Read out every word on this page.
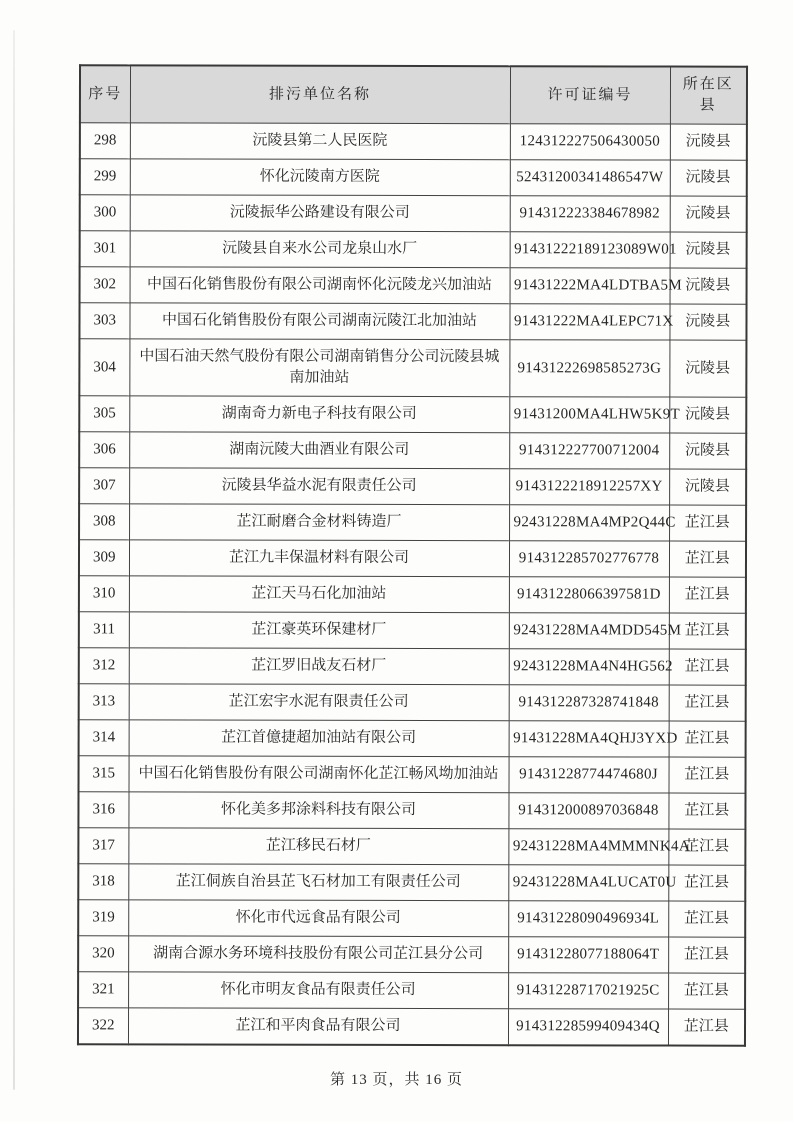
序号	排污单位名称	许可证编号	所在区县
298	沅陵县第二人民医院	124312227506430050	沅陵县
299	怀化沅陵南方医院	52431200341486547W	沅陵县
300	沅陵振华公路建设有限公司	914312223384678982	沅陵县
301	沅陵县自来水公司龙泉山水厂	91431222189123089W01	沅陵县
302	中国石化销售股份有限公司湖南怀化沅陵龙兴加油站	91431222MA4LDTBA5M	沅陵县
303	中国石化销售股份有限公司湖南沅陵江北加油站	91431222MA4LEPC71X	沅陵县
304	中国石油天然气股份有限公司湖南销售分公司沅陵县城南加油站	91431222698585273G	沅陵县
305	湖南奇力新电子科技有限公司	91431200MA4LHW5K9T	沅陵县
306	湖南沅陵大曲酒业有限公司	914312227700712004	沅陵县
307	沅陵县华益水泥有限责任公司	9143122218912257XY	沅陵县
308	芷江耐磨合金材料铸造厂	92431228MA4MP2Q44C	芷江县
309	芷江九丰保温材料有限公司	914312285702776778	芷江县
310	芷江天马石化加油站	91431228066397581D	芷江县
311	芷江豪英环保建材厂	92431228MA4MDD545M	芷江县
312	芷江罗旧战友石材厂	92431228MA4N4HG562	芷江县
313	芷江宏宇水泥有限责任公司	914312287328741848	芷江县
314	芷江首億捷超加油站有限公司	91431228MA4QHJ3YXD	芷江县
315	中国石化销售股份有限公司湖南怀化芷江畅风坳加油站	91431228774474680J	芷江县
316	怀化美多邦涂料科技有限公司	914312000897036848	芷江县
317	芷江移民石材厂	92431228MA4MMMNK4A	芷江县
318	芷江侗族自治县芷飞石材加工有限责任公司	92431228MA4LUCAT0U	芷江县
319	怀化市代远食品有限公司	91431228090496934L	芷江县
320	湖南合源水务环境科技股份有限公司芷江县分公司	91431228077188064T	芷江县
321	怀化市明友食品有限责任公司	91431228717021925C	芷江县
322	芷江和平肉食品有限公司	91431228599409434Q	芷江县
第 13 页，共 16 页
